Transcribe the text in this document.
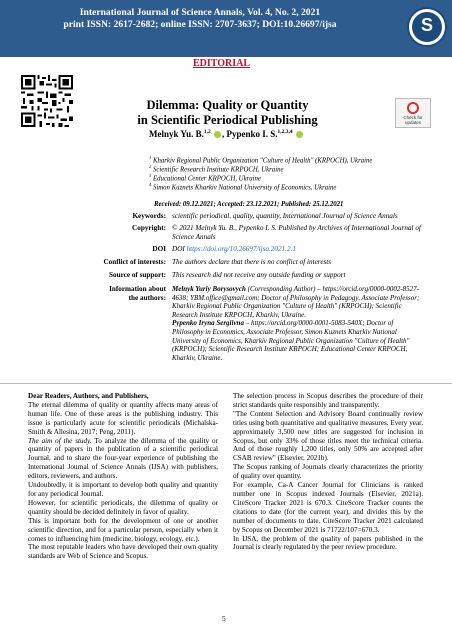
International Journal of Science Annals, Vol. 4, No. 2, 2021
print ISSN: 2617-2682; online ISSN: 2707-3637; DOI:10.26697/ijsa	S
EDITORIAL
Dilemma: Quality or Quantity
in Scientific Periodical Publishing	Check for updates
Melnyk Yu. B.$^{1,2}$ , Pypenko I. S.$^{1,2,3,4}$
$^1$ Kharkiv Regional Public Organization "Culture of Health" (KRPOCH), Ukraine
$^2$ Scientific Research Institute KRPOCH, Ukraine
$^3$ Educational Center KRPOCH, Ukraine
$^4$ Simon Kuznets Kharkiv National University of Economics, Ukraine
Received: 09.12.2021; Accepted: 23.12.2021; Published: 25.12.2021
Keywords: scientific periodical, quality, quantity, International Journal of Science Annals
Copyright: © 2021 Melnyk Yu. B., Pypenko I. S. Published by Archives of International Journal of Science Annals
DOI DOI https://doi.org/10.26697/ijsa.2021.2.1
Conflict of interests: The authors declare that there is no conflict of interests
Source of support: This research did not receive any outside funding or support
Information about
the authors:
Melnyk Yuriy Borysovych (Corresponding Author) – https://orcid.org/0000-0002-8527-4638; YBM.office@gmail.com; Doctor of Philosophy in Pedagogy, Associate Professor; Kharkiv Regional Public Organization "Culture of Health" (KRPOCH); Scientific Research Institute KRPOCH, Kharkiv, Ukraine.
Pypenko Iryna Sergiivna – https://orcid.org/0000-0001-5083-540X; Doctor of Philosophy in Economics, Associate Professor, Simon Kuznets Kharkiv National University of Economics, Kharkiv Regional Public Organization "Culture of Health" (KRPOCH); Scientific Research Institute KRPOCH; Educational Center KRPOCH, Kharkiv, Ukraine.

Dear Readers, Authors, and Publishers,

The eternal dilemma of quality or quantity affects many areas of human life. One of these areas is the publishing industry. This issue is particularly acute for scientific periodicals (Michalska-Smith & Allesina, 2017; Peng, 2011).

The aim of the study. To analyze the dilemma of the quality or quantity of papers in the publication of a scientific periodical Journal, and to share the four-year experience of publishing the International Journal of Science Annals (IJSA) with publishers, editors, reviewers, and authors.

Undoubtedly, it is important to develop both quality and quantity for any periodical Journal.

However, for scientific periodicals, the dilemma of quality or quantity should be decided definitely in favor of quality.

This is important both for the development of one or another scientific direction, and for a particular person, especially when it comes to influencing him (medicine, biology, ecology, etc.).

The most reputable leaders who have developed their own quality standards are Web of Science and Scopus.

The selection process in Scopus describes the procedure of their strict standards quite responsibly and transparently.

"The Content Selection and Advisory Board continually review titles using both quantitative and qualitative measures. Every year, approximately 3,500 new titles are suggested for inclusion in Scopus, but only 33% of those titles meet the technical criteria. And of those roughly 1,200 titles, only 50% are accepted after CSAB review" (Elsevier, 2021b).

The Scopus ranking of Journals clearly characterizes the priority of quality over quantity.

For example, Ca-A Cancer Journal for Clinicians is ranked number one in Scopus indexed Journals (Elsevier, 2021a). CiteScore Tracker 2021 is 670.3. CiteScore Tracker counts the citations to date (for the current year), and divides this by the number of documents to date. CiteScore Tracker 2021 calculated by Scopus on December 2021 is 71722/107=670.3.

In IJSA, the problem of the quality of papers published in the Journal is clearly regulated by the peer review procedure.

5
